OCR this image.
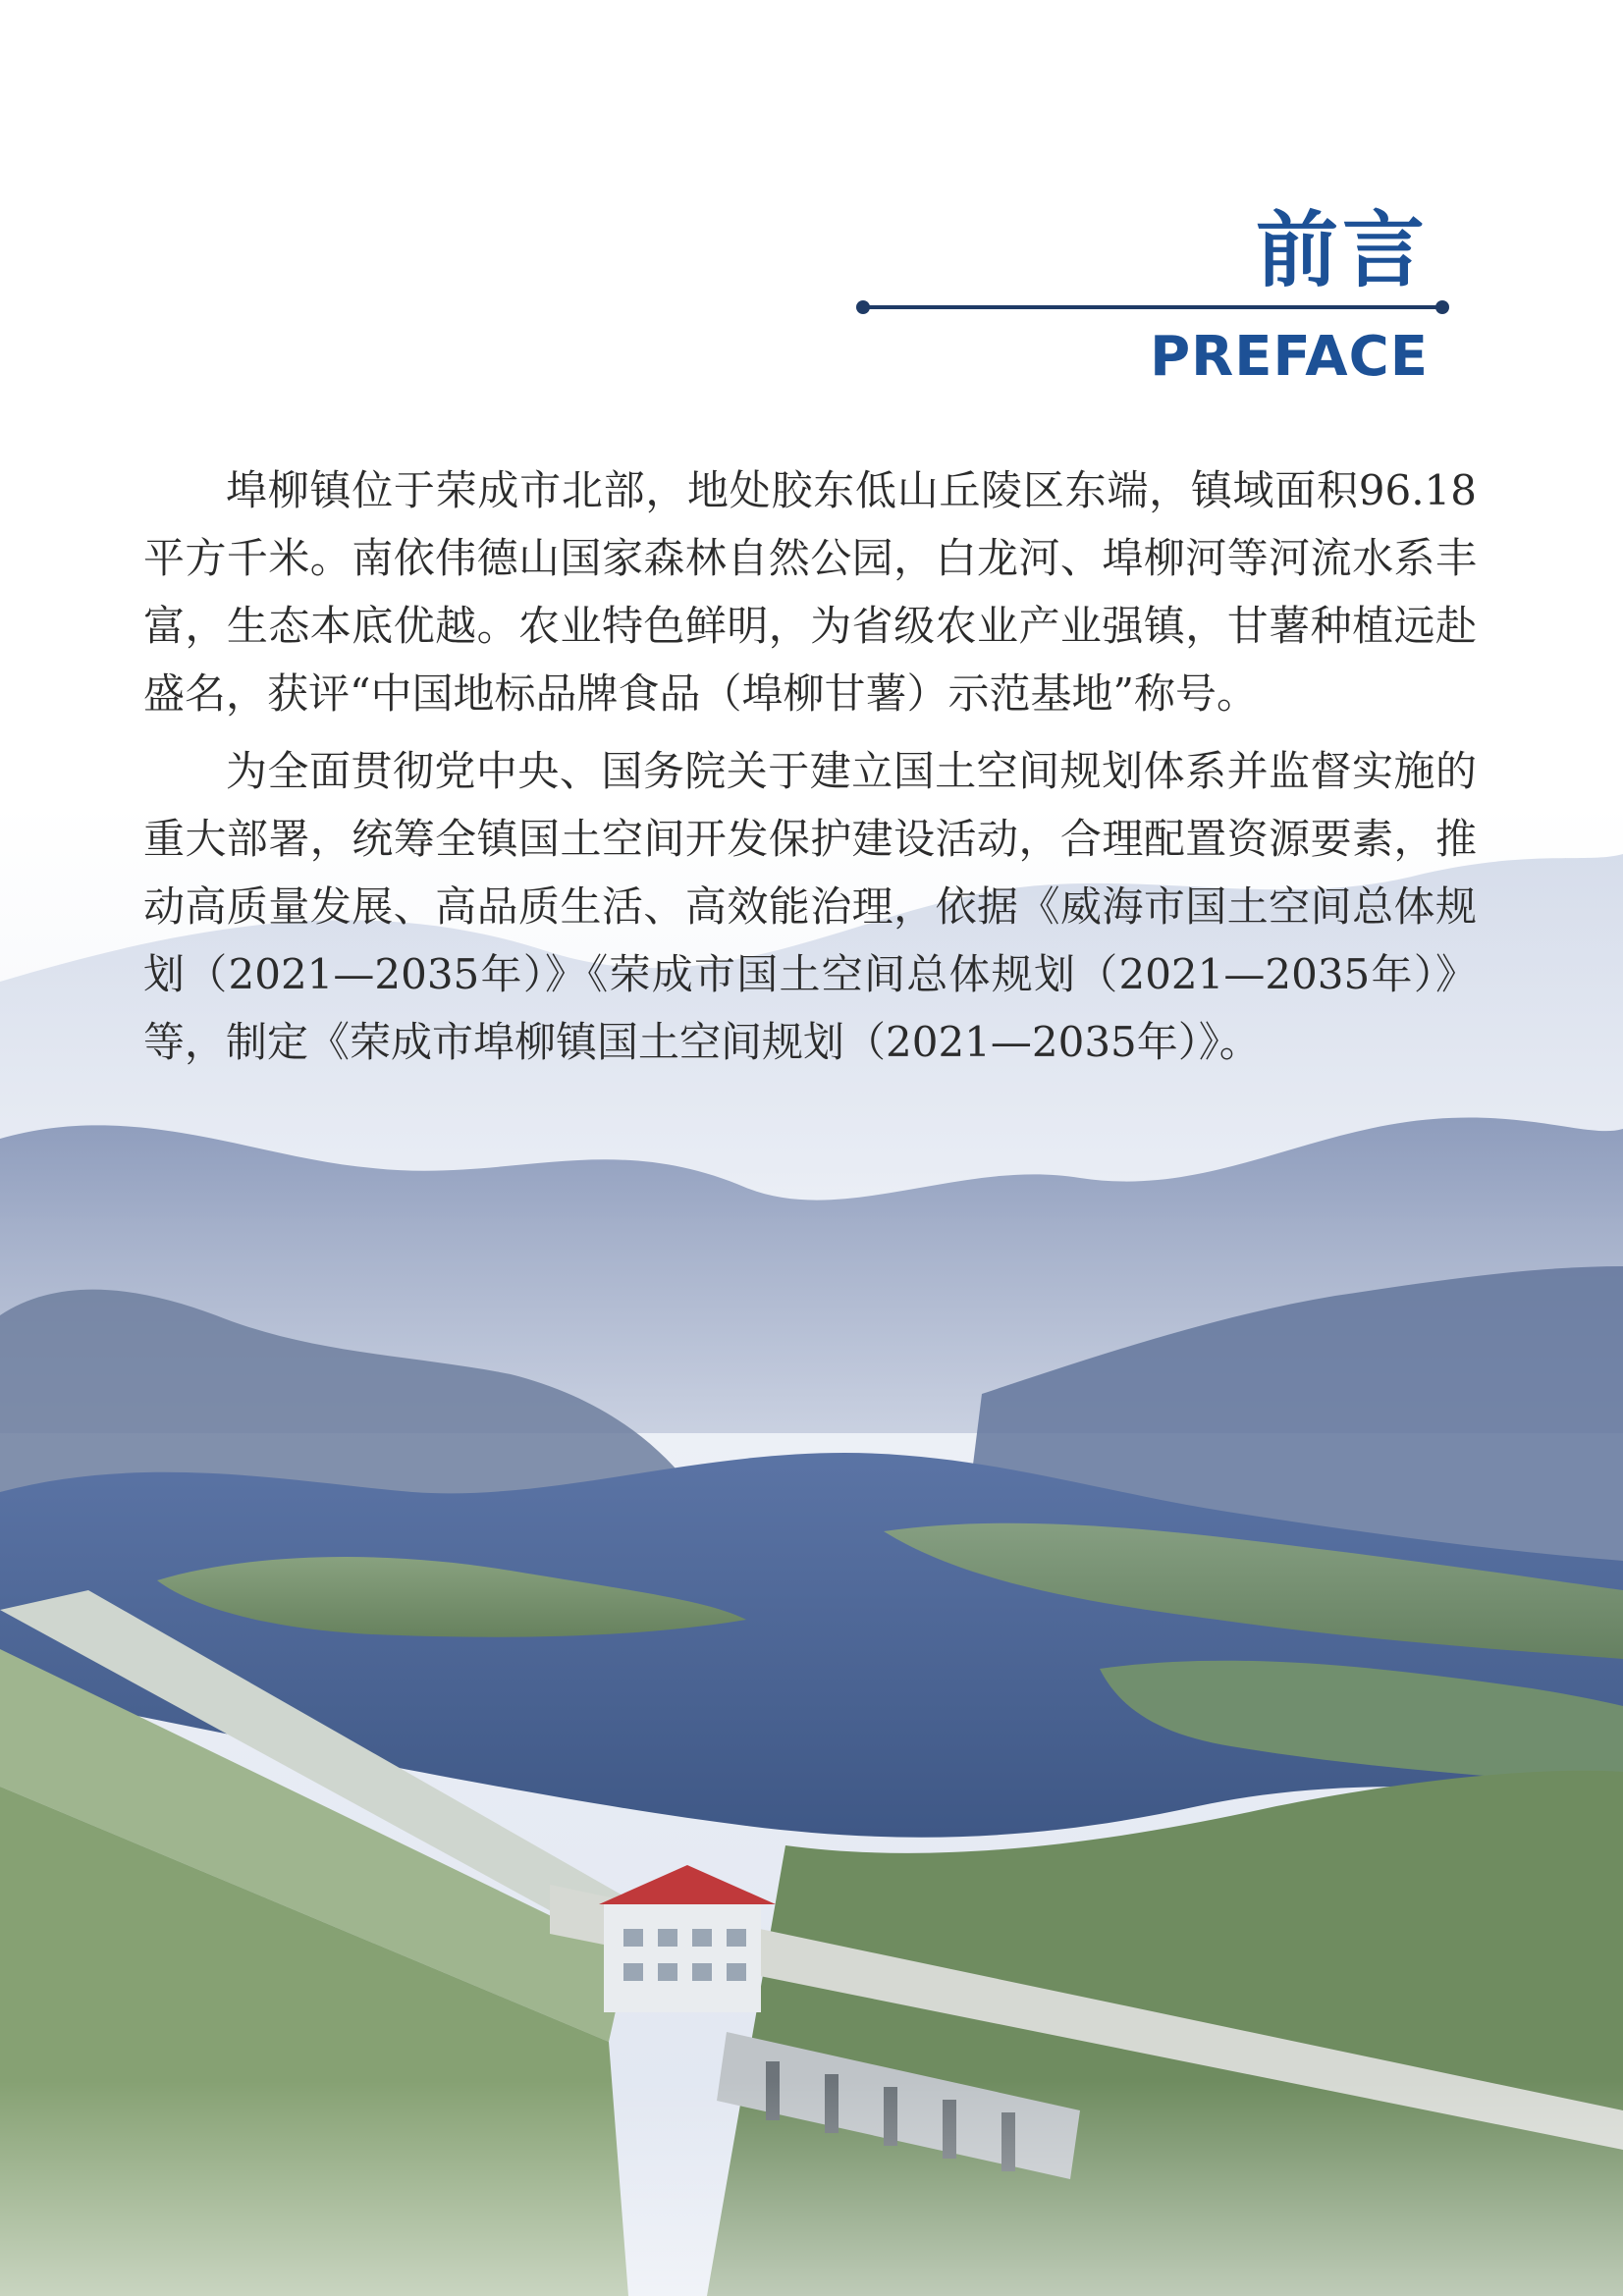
前言
PREFACE

埠柳镇位于荣成市北部，地处胶东低山丘陵区东端，镇域面积96.18平方千米。南依伟德山国家森林自然公园，白龙河、埠柳河等河流水系丰富，生态本底优越。农业特色鲜明，为省级农业产业强镇，甘薯种植远赴盛名，获评“中国地标品牌食品（埠柳甘薯）示范基地”称号。

为全面贯彻党中央、国务院关于建立国土空间规划体系并监督实施的重大部署，统筹全镇国土空间开发保护建设活动，合理配置资源要素，推动高质量发展、高品质生活、高效能治理，依据《威海市国土空间总体规划（2021—2035年）》《荣成市国土空间总体规划（2021—2035年）》等，制定《荣成市埠柳镇国土空间规划（2021—2035年）》。
